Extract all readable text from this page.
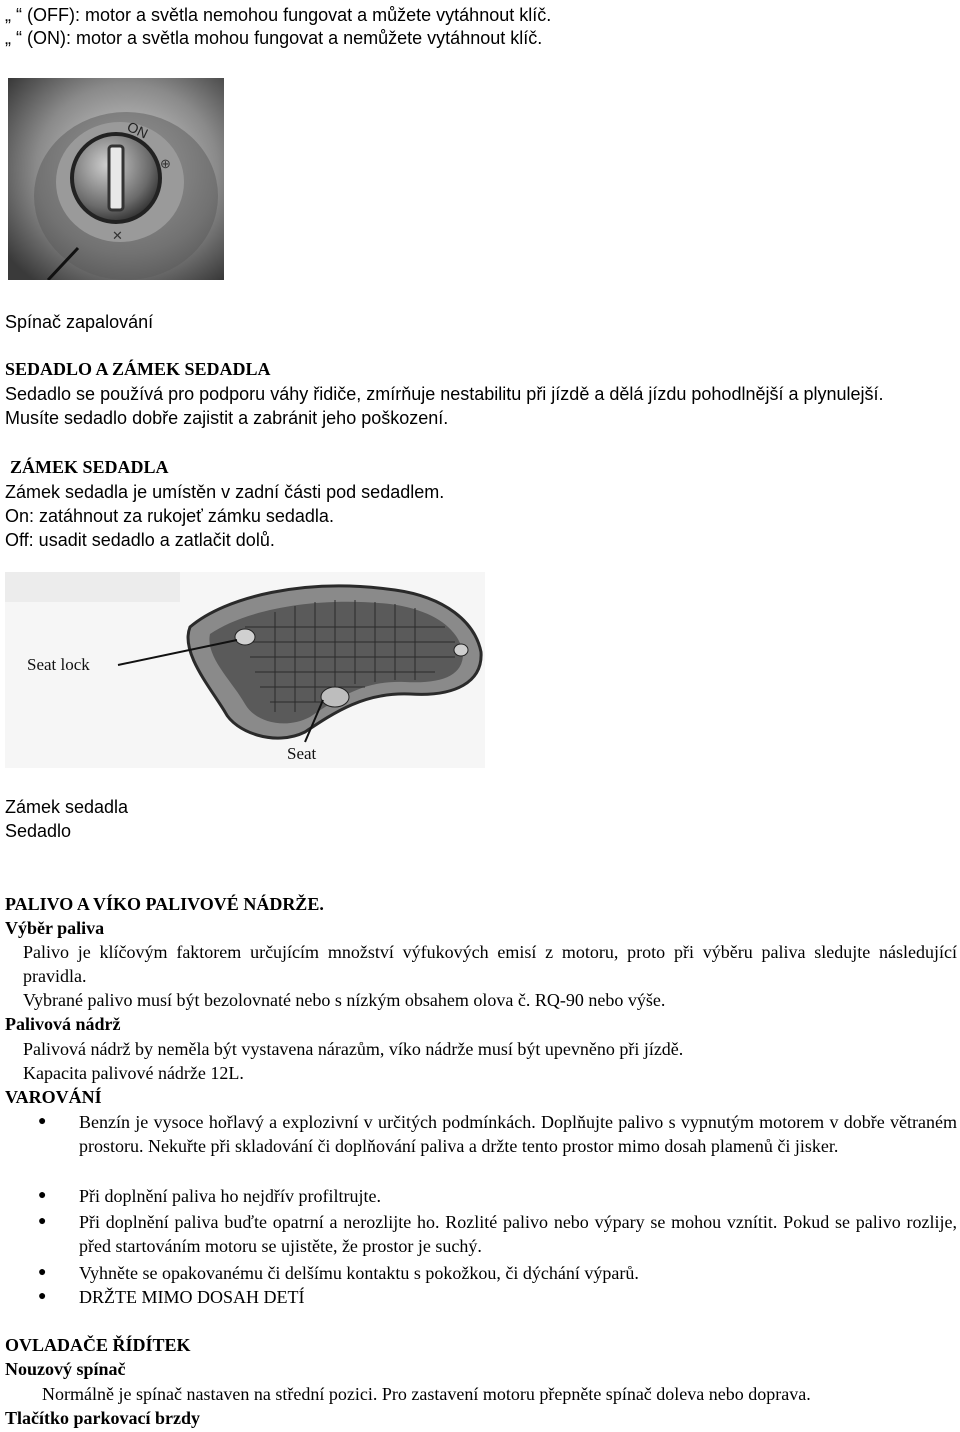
„ “ (OFF): motor a světla nemohou fungovat a můžete vytáhnout klíč.
„ “ (ON): motor a světla mohou fungovat a nemůžete vytáhnout klíč.
ON
⊕
✕
Spínač zapalování
SEDADLO A ZÁMEK SEDADLA
Sedadlo se používá pro podporu váhy řidiče, zmírňuje nestabilitu při jízdě a dělá jízdu pohodlnější a plynulejší.
Musíte sedadlo dobře zajistit a zabránit jeho poškození.
ZÁMEK SEDADLA
Zámek sedadla je umístěn v zadní části pod sedadlem.
On: zatáhnout za rukojeť zámku sedadla.
Off: usadit sedadlo a zatlačit dolů.
Seat lock
Seat
Zámek sedadla
Sedadlo
PALIVO A VÍKO PALIVOVÉ NÁDRŽE.
Výběr paliva
Palivo je klíčovým faktorem určujícím množství výfukových emisí z motoru, proto při výběru paliva sledujte následující pravidla.
Vybrané palivo musí být bezolovnaté nebo s nízkým obsahem olova č. RQ-90 nebo výše.
Palivová nádrž
Palivová nádrž by neměla být vystavena nárazům, víko nádrže musí být upevněno při jízdě.
Kapacita palivové nádrže 12L.
VAROVÁNÍ
● Benzín je vysoce hořlavý a explozivní v určitých podmínkách. Doplňujte palivo s vypnutým motorem v dobře větraném prostoru. Nekuřte při skladování či doplňování paliva a držte tento prostor mimo dosah plamenů či jisker.
● Při doplnění paliva ho nejdřív profiltrujte.
● Při doplnění paliva buďte opatrní a nerozlijte ho. Rozlité palivo nebo výpary se mohou vznítit. Pokud se palivo rozlije, před startováním motoru se ujistěte, že prostor je suchý.
● Vyhněte se opakovanému či delšímu kontaktu s pokožkou, či dýchání výparů.
● DRŽTE MIMO DOSAH DETÍ
OVLADAČE ŘÍDÍTEK
Nouzový spínač
Normálně je spínač nastaven na střední pozici. Pro zastavení motoru přepněte spínač doleva nebo doprava.
Tlačítko parkovací brzdy
